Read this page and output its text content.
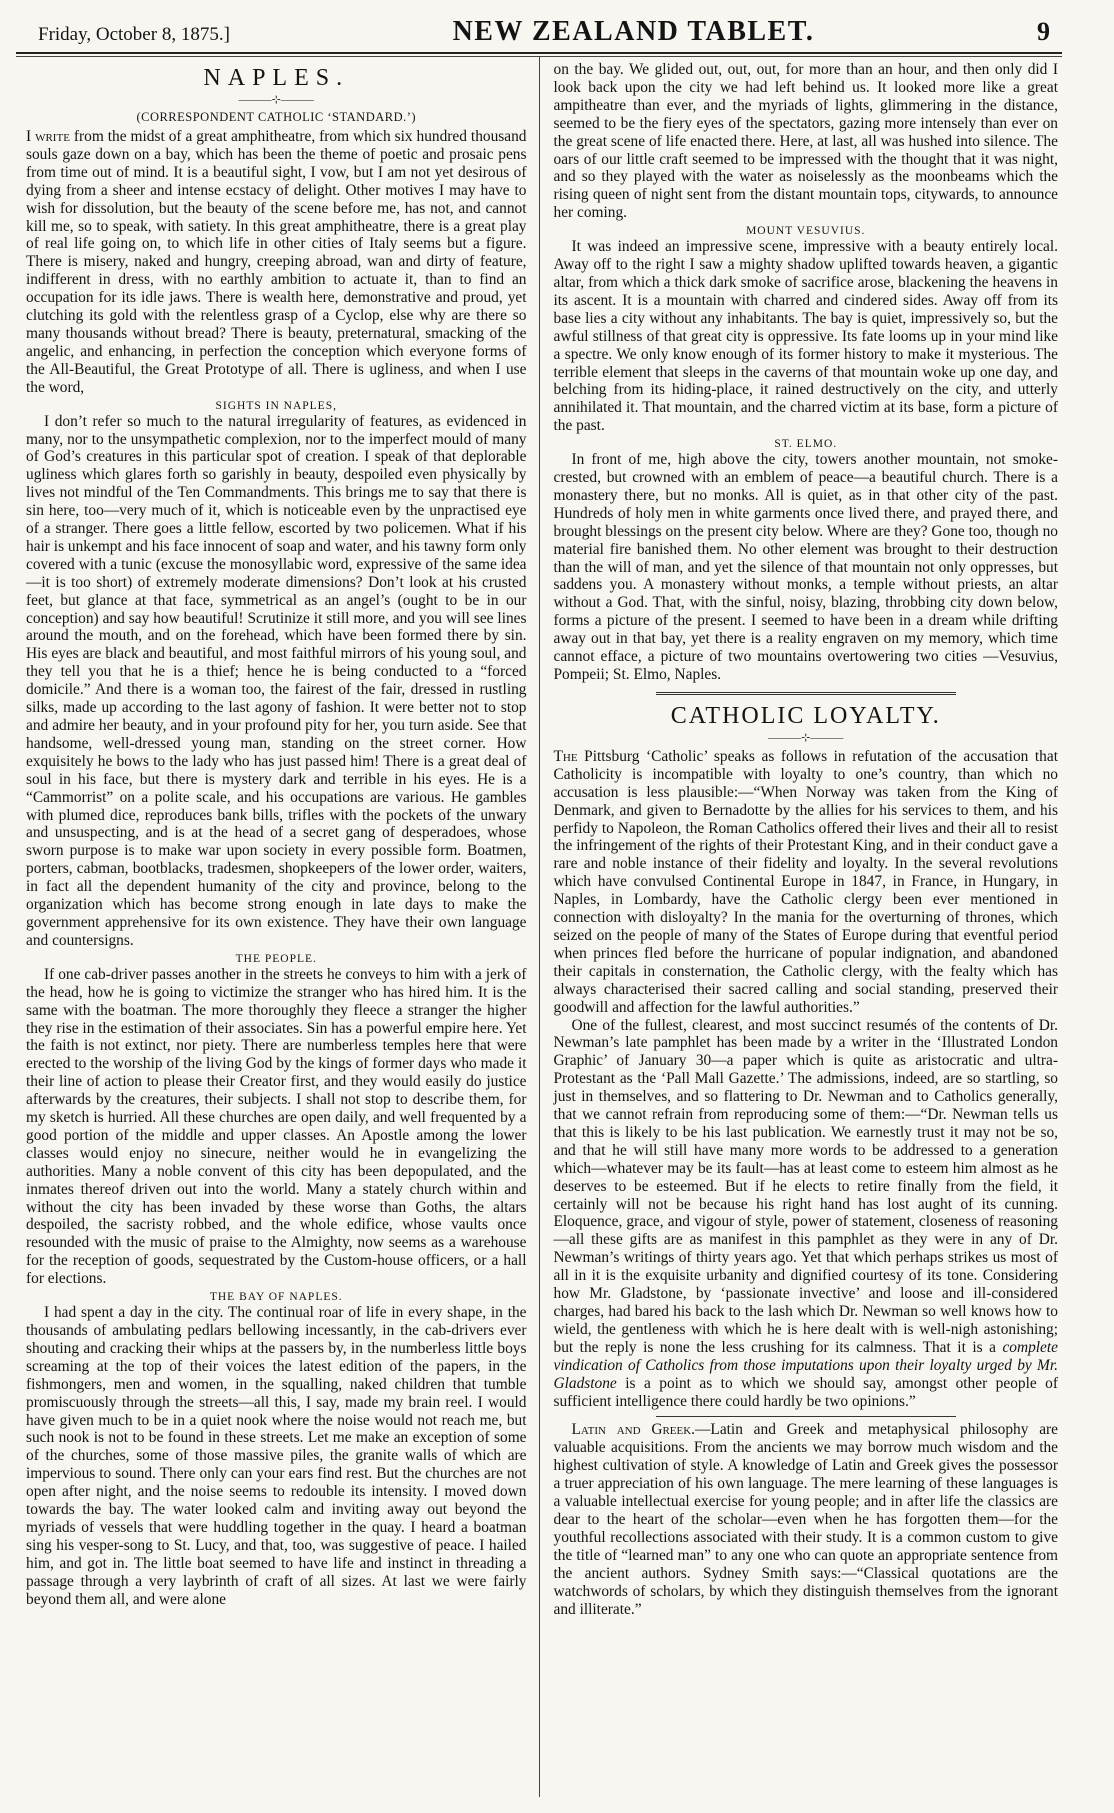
Friday, October 8, 1875.]	NEW ZEALAND TABLET.	9
NAPLES.
———⊹———
(CORRESPONDENT CATHOLIC ‘STANDARD.’)

I write from the midst of a great amphitheatre, from which six hundred thousand souls gaze down on a bay, which has been the theme of poetic and prosaic pens from time out of mind. It is a beautiful sight, I vow, but I am not yet desirous of dying from a sheer and intense ecstacy of delight. Other motives I may have to wish for dissolution, but the beauty of the scene before me, has not, and cannot kill me, so to speak, with satiety. In this great amphitheatre, there is a great play of real life going on, to which life in other cities of Italy seems but a figure. There is misery, naked and hungry, creeping abroad, wan and dirty of feature, indifferent in dress, with no earthly ambition to actuate it, than to find an occupation for its idle jaws. There is wealth here, demonstrative and proud, yet clutching its gold with the relentless grasp of a Cyclop, else why are there so many thousands without bread? There is beauty, preternatural, smacking of the angelic, and enhancing, in perfection the conception which everyone forms of the All-Beautiful, the Great Prototype of all. There is ugliness, and when I use the word,

SIGHTS IN NAPLES,

I don’t refer so much to the natural irregularity of features, as evidenced in many, nor to the unsympathetic complexion, nor to the imperfect mould of many of God’s creatures in this particular spot of creation. I speak of that deplorable ugliness which glares forth so garishly in beauty, despoiled even physically by lives not mindful of the Ten Commandments. This brings me to say that there is sin here, too—very much of it, which is noticeable even by the unpractised eye of a stranger. There goes a little fellow, escorted by two policemen. What if his hair is unkempt and his face innocent of soap and water, and his tawny form only covered with a tunic (excuse the monosyllabic word, expressive of the same idea—it is too short) of extremely moderate dimensions? Don’t look at his crusted feet, but glance at that face, symmetrical as an angel’s (ought to be in our conception) and say how beautiful! Scrutinize it still more, and you will see lines around the mouth, and on the forehead, which have been formed there by sin. His eyes are black and beautiful, and most faithful mirrors of his young soul, and they tell you that he is a thief; hence he is being conducted to a “forced domicile.” And there is a woman too, the fairest of the fair, dressed in rustling silks, made up according to the last agony of fashion. It were better not to stop and admire her beauty, and in your profound pity for her, you turn aside. See that handsome, well-dressed young man, standing on the street corner. How exquisitely he bows to the lady who has just passed him! There is a great deal of soul in his face, but there is mystery dark and terrible in his eyes. He is a “Cammorrist” on a polite scale, and his occupations are various. He gambles with plumed dice, reproduces bank bills, trifles with the pockets of the unwary and unsuspecting, and is at the head of a secret gang of desperadoes, whose sworn purpose is to make war upon society in every possible form. Boatmen, porters, cabman, bootblacks, tradesmen, shopkeepers of the lower order, waiters, in fact all the dependent humanity of the city and province, belong to the organization which has become strong enough in late days to make the government apprehensive for its own existence. They have their own language and countersigns.

THE PEOPLE.

If one cab-driver passes another in the streets he conveys to him with a jerk of the head, how he is going to victimize the stranger who has hired him. It is the same with the boatman. The more thoroughly they fleece a stranger the higher they rise in the estimation of their associates. Sin has a powerful empire here. Yet the faith is not extinct, nor piety. There are numberless temples here that were erected to the worship of the living God by the kings of former days who made it their line of action to please their Creator first, and they would easily do justice afterwards by the creatures, their subjects. I shall not stop to describe them, for my sketch is hurried. All these churches are open daily, and well frequented by a good portion of the middle and upper classes. An Apostle among the lower classes would enjoy no sinecure, neither would he in evangelizing the authorities. Many a noble convent of this city has been depopulated, and the inmates thereof driven out into the world. Many a stately church within and without the city has been invaded by these worse than Goths, the altars despoiled, the sacristy robbed, and the whole edifice, whose vaults once resounded with the music of praise to the Almighty, now seems as a warehouse for the reception of goods, sequestrated by the Custom-house officers, or a hall for elections.

THE BAY OF NAPLES.

I had spent a day in the city. The continual roar of life in every shape, in the thousands of ambulating pedlars bellowing incessantly, in the cab-drivers ever shouting and cracking their whips at the passers by, in the numberless little boys screaming at the top of their voices the latest edition of the papers, in the fishmongers, men and women, in the squalling, naked children that tumble promiscuously through the streets—all this, I say, made my brain reel. I would have given much to be in a quiet nook where the noise would not reach me, but such nook is not to be found in these streets. Let me make an exception of some of the churches, some of those massive piles, the granite walls of which are impervious to sound. There only can your ears find rest. But the churches are not open after night, and the noise seems to redouble its intensity. I moved down towards the bay. The water looked calm and inviting away out beyond the myriads of vessels that were huddling together in the quay. I heard a boatman sing his vesper-song to St. Lucy, and that, too, was suggestive of peace. I hailed him, and got in. The little boat seemed to have life and instinct in threading a passage through a very laybrinth of craft of all sizes. At last we were fairly beyond them all, and were alone

on the bay. We glided out, out, out, for more than an hour, and then only did I look back upon the city we had left behind us. It looked more like a great ampitheatre than ever, and the myriads of lights, glimmering in the distance, seemed to be the fiery eyes of the spectators, gazing more intensely than ever on the great scene of life enacted there. Here, at last, all was hushed into silence. The oars of our little craft seemed to be impressed with the thought that it was night, and so they played with the water as noiselessly as the moonbeams which the rising queen of night sent from the distant mountain tops, citywards, to announce her coming.

MOUNT VESUVIUS.

It was indeed an impressive scene, impressive with a beauty entirely local. Away off to the right I saw a mighty shadow uplifted towards heaven, a gigantic altar, from which a thick dark smoke of sacrifice arose, blackening the heavens in its ascent. It is a mountain with charred and cindered sides. Away off from its base lies a city without any inhabitants. The bay is quiet, impressively so, but the awful stillness of that great city is oppressive. Its fate looms up in your mind like a spectre. We only know enough of its former history to make it mysterious. The terrible element that sleeps in the caverns of that mountain woke up one day, and belching from its hiding-place, it rained destructively on the city, and utterly annihilated it. That mountain, and the charred victim at its base, form a picture of the past.

ST. ELMO.

In front of me, high above the city, towers another mountain, not smoke-crested, but crowned with an emblem of peace—a beautiful church. There is a monastery there, but no monks. All is quiet, as in that other city of the past. Hundreds of holy men in white garments once lived there, and prayed there, and brought blessings on the present city below. Where are they? Gone too, though no material fire banished them. No other element was brought to their destruction than the will of man, and yet the silence of that mountain not only oppresses, but saddens you. A monastery without monks, a temple without priests, an altar without a God. That, with the sinful, noisy, blazing, throbbing city down below, forms a picture of the present. I seemed to have been in a dream while drifting away out in that bay, yet there is a reality engraven on my memory, which time cannot efface, a picture of two mountains overtowering two cities —Vesuvius, Pompeii; St. Elmo, Naples.

CATHOLIC LOYALTY.
———⊹———

The Pittsburg ‘Catholic’ speaks as follows in refutation of the accusation that Catholicity is incompatible with loyalty to one’s country, than which no accusation is less plausible:—“When Norway was taken from the King of Denmark, and given to Bernadotte by the allies for his services to them, and his perfidy to Napoleon, the Roman Catholics offered their lives and their all to resist the infringement of the rights of their Protestant King, and in their conduct gave a rare and noble instance of their fidelity and loyalty. In the several revolutions which have convulsed Continental Europe in 1847, in France, in Hungary, in Naples, in Lombardy, have the Catholic clergy been ever mentioned in connection with disloyalty? In the mania for the overturning of thrones, which seized on the people of many of the States of Europe during that eventful period when princes fled before the hurricane of popular indignation, and abandoned their capitals in consternation, the Catholic clergy, with the fealty which has always characterised their sacred calling and social standing, preserved their goodwill and affection for the lawful authorities.”

One of the fullest, clearest, and most succinct resumés of the contents of Dr. Newman’s late pamphlet has been made by a writer in the ‘Illustrated London Graphic’ of January 30—a paper which is quite as aristocratic and ultra-Protestant as the ‘Pall Mall Gazette.’ The admissions, indeed, are so startling, so just in themselves, and so flattering to Dr. Newman and to Catholics generally, that we cannot refrain from reproducing some of them:—“Dr. Newman tells us that this is likely to be his last publication. We earnestly trust it may not be so, and that he will still have many more words to be addressed to a generation which—whatever may be its fault—has at least come to esteem him almost as he deserves to be esteemed. But if he elects to retire finally from the field, it certainly will not be because his right hand has lost aught of its cunning. Eloquence, grace, and vigour of style, power of statement, closeness of reasoning—all these gifts are as manifest in this pamphlet as they were in any of Dr. Newman’s writings of thirty years ago. Yet that which perhaps strikes us most of all in it is the exquisite urbanity and dignified courtesy of its tone. Considering how Mr. Gladstone, by ‘passionate invective’ and loose and ill-considered charges, had bared his back to the lash which Dr. Newman so well knows how to wield, the gentleness with which he is here dealt with is well-nigh astonishing; but the reply is none the less crushing for its calmness. That it is a complete vindication of Catholics from those imputations upon their loyalty urged by Mr. Gladstone is a point as to which we should say, amongst other people of sufficient intelligence there could hardly be two opinions.”

Latin and Greek.—Latin and Greek and metaphysical philosophy are valuable acquisitions. From the ancients we may borrow much wisdom and the highest cultivation of style. A knowledge of Latin and Greek gives the possessor a truer appreciation of his own language. The mere learning of these languages is a valuable intellectual exercise for young people; and in after life the classics are dear to the heart of the scholar—even when he has forgotten them—for the youthful recollections associated with their study. It is a common custom to give the title of “learned man” to any one who can quote an appropriate sentence from the ancient authors. Sydney Smith says:—“Classical quotations are the watchwords of scholars, by which they distinguish themselves from the ignorant and illiterate.”
